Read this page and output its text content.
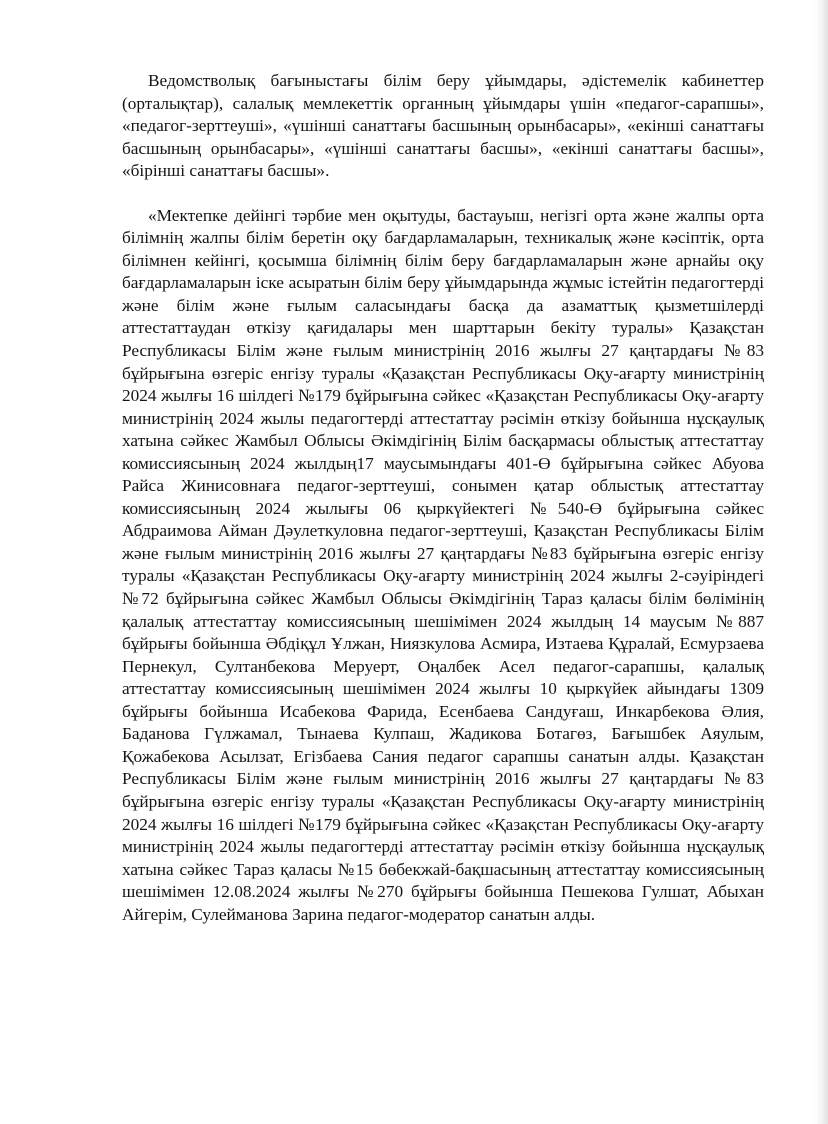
Ведомстволық бағыныстағы білім беру ұйымдары, әдістемелік кабинеттер (орталықтар), салалық мемлекеттік органның ұйымдары үшін «педагог-сарапшы», «педагог-зерттеуші», «үшінші санаттағы басшының орынбасары», «екінші санаттағы басшының орынбасары», «үшінші санаттағы басшы», «екінші санаттағы басшы», «бірінші санаттағы басшы».

«Мектепке дейінгі тәрбие мен оқытуды, бастауыш, негізгі орта және жалпы орта білімнің жалпы білім беретін оқу бағдарламаларын, техникалық және кәсіптік, орта білімнен кейінгі, қосымша білімнің білім беру бағдарламаларын және арнайы оқу бағдарламаларын іске асыратын білім беру ұйымдарында жұмыс істейтін педагогтерді және білім және ғылым саласындағы басқа да азаматтық қызметшілерді аттестаттаудан өткізу қағидалары мен шарттарын бекіту туралы» Қазақстан Республикасы Білім және ғылым министрінің 2016 жылғы 27 қаңтардағы №83 бұйрығына өзгеріс енгізу туралы «Қазақстан Республикасы Оқу-ағарту министрінің 2024 жылғы 16 шілдегі №179 бұйрығына сәйкес «Қазақстан Республикасы Оқу-ағарту министрінің 2024 жылы педагогтерді аттестаттау рәсімін өткізу бойынша нұсқаулық хатына сәйкес Жамбыл Облысы Әкімдігінің Білім басқармасы облыстық аттестаттау комиссиясының 2024 жылдың17 маусымындағы 401-Ө бұйрығына сәйкес Абуова Райса Жинисовнаға педагог-зерттеуші, сонымен қатар облыстық аттестаттау комиссиясының 2024 жылығы 06 қыркүйектегі №540-Ө бұйрығына сәйкес Абдраимова Айман Дәулеткуловна педагог-зерттеуші, Қазақстан Республикасы Білім және ғылым министрінің 2016 жылғы 27 қаңтардағы №83 бұйрығына өзгеріс енгізу туралы «Қазақстан Республикасы Оқу-ағарту министрінің 2024 жылғы 2-сәуіріндегі №72 бұйрығына сәйкес Жамбыл Облысы Әкімдігінің Тараз қаласы білім бөлімінің қалалық аттестаттау комиссиясының шешімімен 2024 жылдың 14 маусым №887 бұйрығы бойынша Әбдіқұл Ұлжан, Ниязкулова Асмира, Изтаева Құралай, Есмурзаева Пернекул, Султанбекова Меруерт, Оңалбек Асел педагог-сарапшы, қалалық аттестаттау комиссиясының шешімімен 2024 жылғы 10 қыркүйек айындағы 1309 бұйрығы бойынша Исабекова Фарида, Есенбаева Сандуғаш, Инкарбекова Әлия, Баданова Гүлжамал, Тынаева Кулпаш, Жадикова Ботагөз, Бағышбек Аяулым, Қожабекова Асылзат, Егізбаева Сания педагог сарапшы санатын алды. Қазақстан Республикасы Білім және ғылым министрінің 2016 жылғы 27 қаңтардағы №83 бұйрығына өзгеріс енгізу туралы «Қазақстан Республикасы Оқу-ағарту министрінің 2024 жылғы 16 шілдегі №179 бұйрығына сәйкес «Қазақстан Республикасы Оқу-ағарту министрінің 2024 жылы педагогтерді аттестаттау рәсімін өткізу бойынша нұсқаулық хатына сәйкес Тараз қаласы №15 бөбекжай-бақшасының аттестаттау комиссиясының шешімімен 12.08.2024 жылғы №270 бұйрығы бойынша Пешекова Гулшат, Абыхан Айгерім, Сулейманова Зарина педагог-модератор санатын алды.
